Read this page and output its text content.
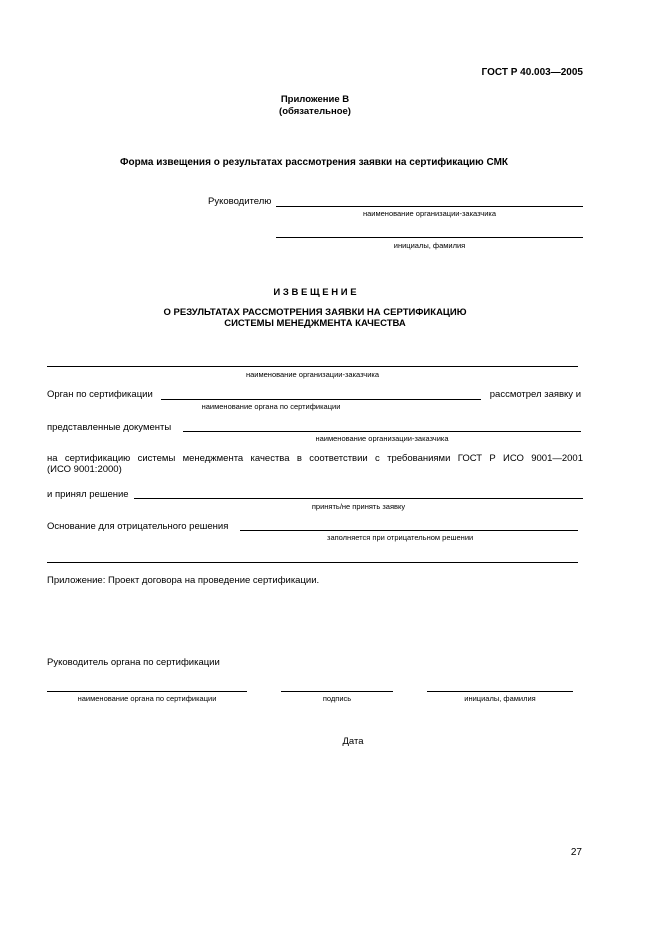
ГОСТ Р 40.003—2005
Приложение В
(обязательное)
Форма извещения о результатах рассмотрения заявки на сертификацию СМК
Руководителю
наименование организации-заказчика
инициалы, фамилия
И З В Е Щ Е Н И Е
О РЕЗУЛЬТАТАХ РАССМОТРЕНИЯ ЗАЯВКИ НА СЕРТИФИКАЦИЮ
СИСТЕМЫ МЕНЕДЖМЕНТА КАЧЕСТВА
наименование организации-заказчика
Орган по сертификации	рассмотрел заявку и
наименование органа по сертификации
представленные документы
наименование организации-заказчика
на сертификацию системы менеджмента качества в соответствии с требованиями ГОСТ Р ИСО 9001—2001
(ИСО 9001:2000)
и принял решение
принять/не принять заявку
Основание для отрицательного решения
заполняется при отрицательном решении
Приложение: Проект договора на проведение сертификации.
Руководитель органа по сертификации
наименование органа по сертификации	подпись	инициалы, фамилия
Дата
27
